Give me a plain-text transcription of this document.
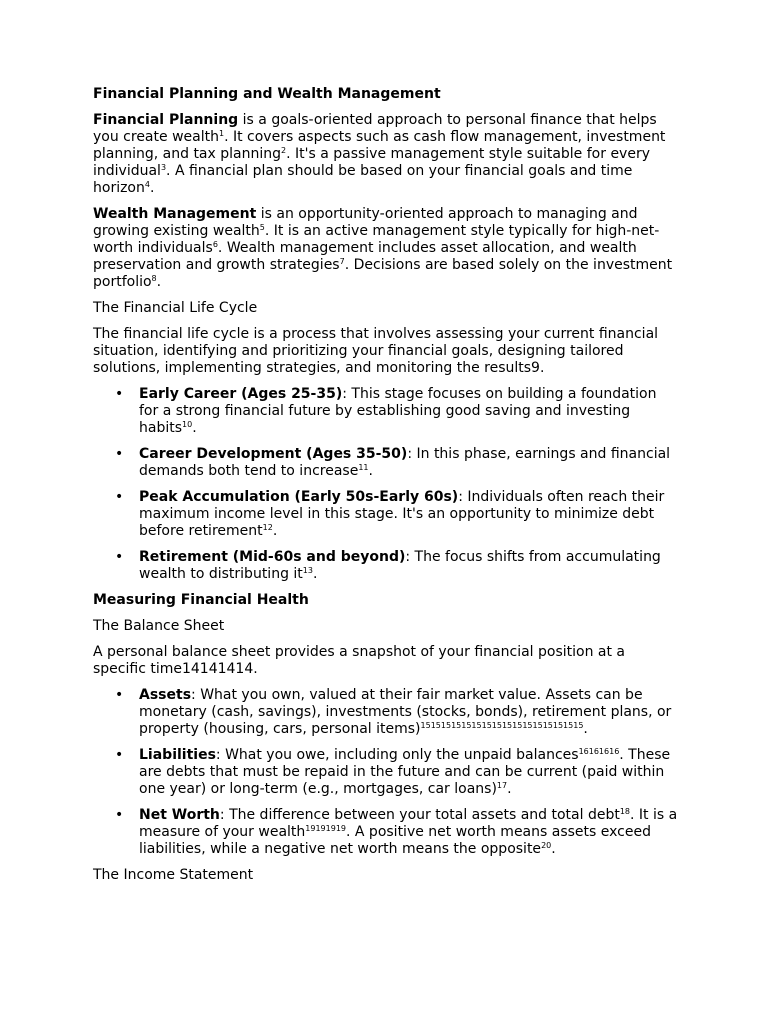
Financial Planning and Wealth Management

Financial Planning is a goals-oriented approach to personal finance that helps you create wealth$^1$. It covers aspects such as cash flow management, investment planning, and tax planning$^2$. It's a passive management style suitable for every individual$^3$. A financial plan should be based on your financial goals and time horizon$^4$.

Wealth Management is an opportunity-oriented approach to managing and growing existing wealth$^5$. It is an active management style typically for high-net-worth individuals$^6$. Wealth management includes asset allocation, and wealth preservation and growth strategies$^7$. Decisions are based solely on the investment portfolio$^8$.

The Financial Life Cycle

The financial life cycle is a process that involves assessing your current financial situation, identifying and prioritizing your financial goals, designing tailored solutions, implementing strategies, and monitoring the results9.

• Early Career (Ages 25-35): This stage focuses on building a foundation for a strong financial future by establishing good saving and investing habits$^{10}$.
• Career Development (Ages 35-50): In this phase, earnings and financial demands both tend to increase$^{11}$.
• Peak Accumulation (Early 50s-Early 60s): Individuals often reach their maximum income level in this stage. It's an opportunity to minimize debt before retirement$^{12}$.
• Retirement (Mid-60s and beyond): The focus shifts from accumulating wealth to distributing $it^{13}$.

Measuring Financial Health

The Balance Sheet

A personal balance sheet provides a snapshot of your financial position at a specific time14141414.

• Assets: What you own, valued at their fair market value. Assets can be monetary (cash, savings), investments (stocks, bonds), retirement plans, or property (housing, cars, personal items)$^{15151515151515151515151515151515}$.
• Liabilities: What you owe, including only the unpaid balances$^{16161616}$. These are debts that must be repaid in the future and can be current (paid within one year) or long-term (e.g., mortgages, car loans)$^{17}$.
• Net Worth: The difference between your total assets and total debt$^{18}$. It is a measure of your wealth$^{19191919}$. A positive net worth means assets exceed liabilities, while a negative net worth means the opposite$^{20}$.

The Income Statement
